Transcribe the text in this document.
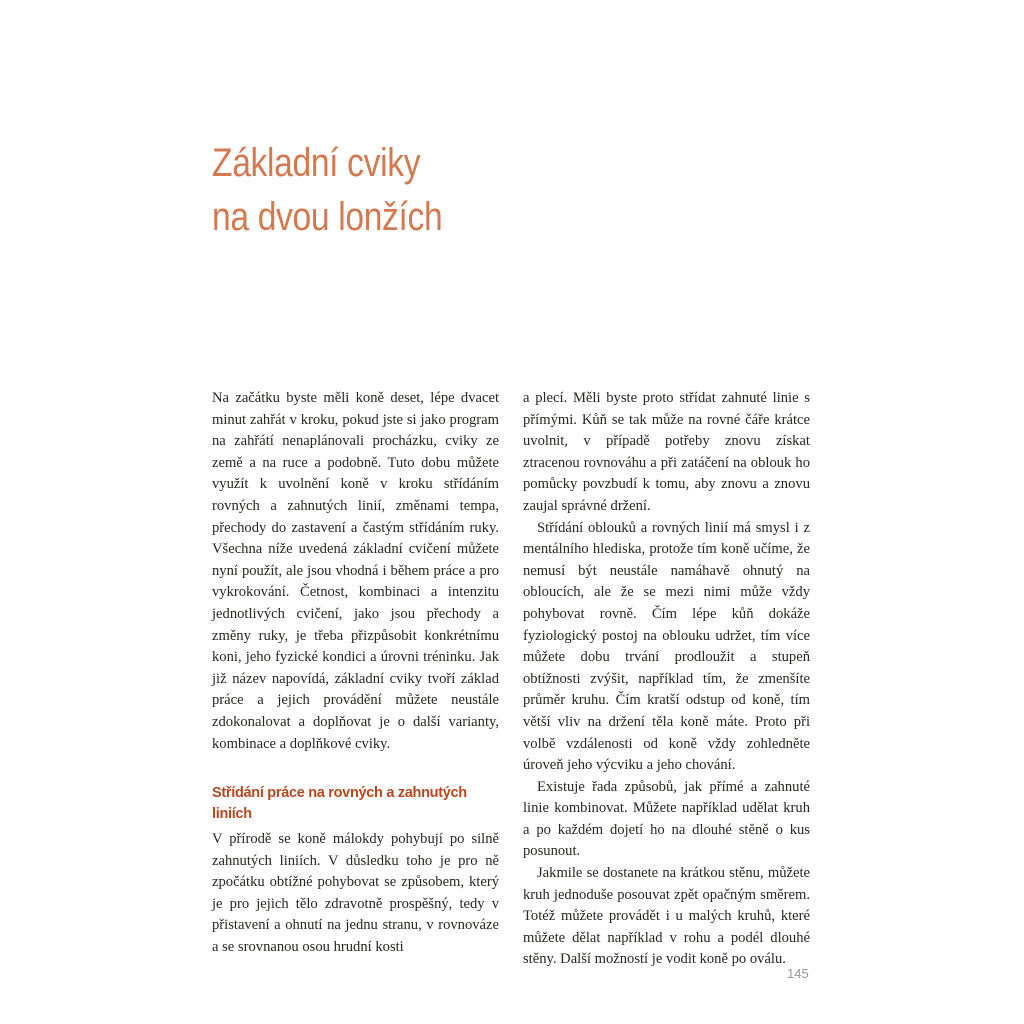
Základní cviky
na dvou lonžích

Na začátku byste měli koně deset, lépe dvacet minut zahřát v kroku, pokud jste si jako program na zahřátí nenaplánovali procházku, cviky ze země a na ruce a podobně. Tuto dobu můžete využít k uvolnění koně v kroku střídáním rovných a zahnutých linií, změnami tempa, přechody do zastavení a častým střídáním ruky. Všechna níže uvedená základní cvičení můžete nyní použít, ale jsou vhodná i během práce a pro vykrokování. Četnost, kombinaci a intenzitu jednotlivých cvičení, jako jsou přechody a změny ruky, je třeba přizpůsobit konkrétnímu koni, jeho fyzické kondici a úrovni tréninku. Jak již název napovídá, základní cviky tvoří základ práce a jejich provádění můžete neustále zdokonalovat a doplňovat je o další varianty, kombinace a doplňkové cviky.

Střídání práce na rovných a zahnutých liniích

V přírodě se koně málokdy pohybují po silně zahnutých liniích. V důsledku toho je pro ně zpočátku obtížné pohybovat se způsobem, který je pro jejich tělo zdravotně prospěšný, tedy v přistavení a ohnutí na jednu stranu, v rovnováze a se srovnanou osou hrudní kosti

a plecí. Měli byste proto střídat zahnuté linie s přímými. Kůň se tak může na rovné čáře krátce uvolnit, v případě potřeby znovu získat ztracenou rovnováhu a při zatáčení na oblouk ho pomůcky povzbudí k tomu, aby znovu a znovu zaujal správné držení.

Střídání oblouků a rovných linií má smysl i z mentálního hlediska, protože tím koně učíme, že nemusí být neustále namáhavě ohnutý na obloucích, ale že se mezi nimi může vždy pohybovat rovně. Čím lépe kůň dokáže fyziologický postoj na oblouku udržet, tím více můžete dobu trvání prodloužit a stupeň obtížnosti zvýšit, například tím, že zmenšíte průměr kruhu. Čím kratší odstup od koně, tím větší vliv na držení těla koně máte. Proto při volbě vzdálenosti od koně vždy zohledněte úroveň jeho výcviku a jeho chování.

Existuje řada způsobů, jak přímé a zahnuté linie kombinovat. Můžete například udělat kruh a po každém dojetí ho na dlouhé stěně o kus posunout.

Jakmile se dostanete na krátkou stěnu, můžete kruh jednoduše posouvat zpět opačným směrem. Totéž můžete provádět i u malých kruhů, které můžete dělat například v rohu a podél dlouhé stěny. Další možností je vodit koně po oválu.

145
